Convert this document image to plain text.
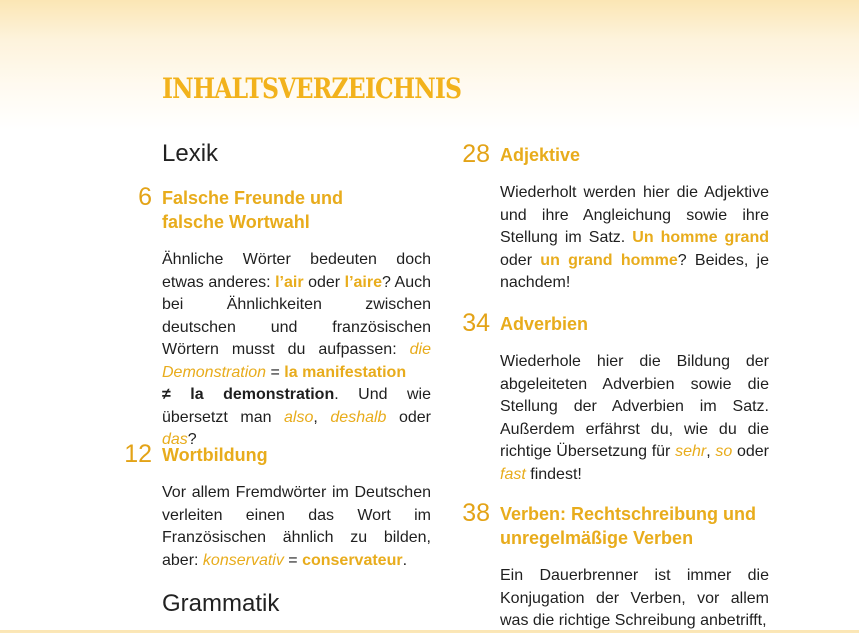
INHALTSVERZEICHNIS
Lexik
6 Falsche Freunde und
falsche Wortwahl

Ähnliche Wörter bedeuten doch etwas anderes: l’air oder l’aire? Auch bei Ähnlichkeiten zwischen deutschen und französischen Wörtern musst du aufpassen: die Demonstration = la manifestation
≠ la demonstration. Und wie übersetzt man also, deshalb oder das?

12 Wortbildung

Vor allem Fremdwörter im Deutschen verleiten einen das Wort im Französischen ähnlich zu bilden, aber: konservativ = conservateur.

Grammatik
28 Adjektive

Wiederholt werden hier die Adjektive und ihre Angleichung sowie ihre Stellung im Satz. Un homme grand oder un grand homme? Beides, je nachdem!

34 Adverbien

Wiederhole hier die Bildung der abgeleiteten Adverbien sowie die Stellung der Adverbien im Satz. Außerdem erfährst du, wie du die richtige Übersetzung für sehr, so oder fast findest!

38 Verben: Rechtschreibung und
unregelmäßige Verben

Ein Dauerbrenner ist immer die Konjugation der Verben, vor allem was die richtige Schreibung anbetrifft,
